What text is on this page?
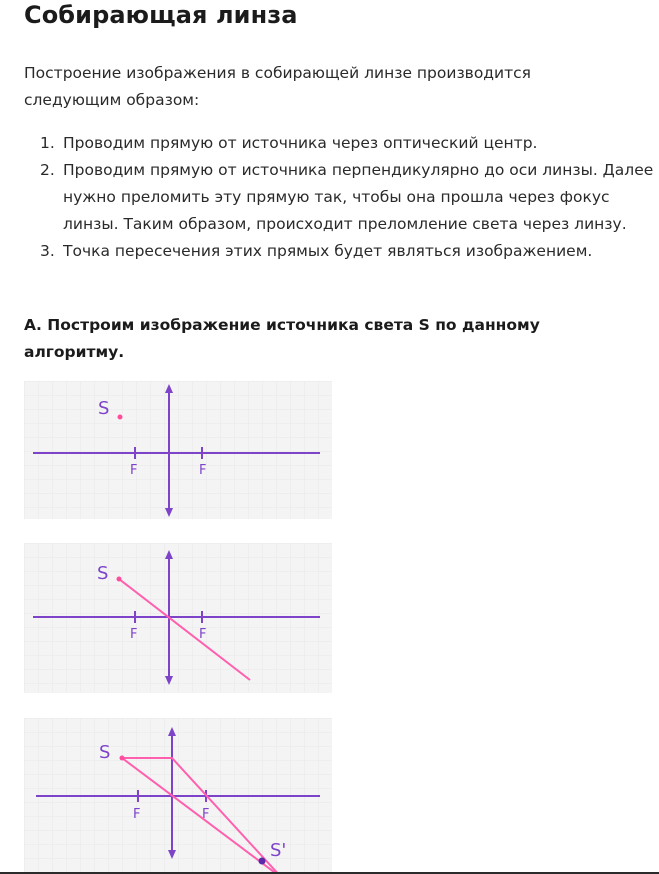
Собирающая линза

Построение изображения в собирающей линзе производится следующим образом:

1. Проводим прямую от источника через оптический центр.
2. Проводим прямую от источника перпендикулярно до оси линзы. Далее нужно преломить эту прямую так, чтобы она прошла через фокус линзы. Таким образом, происходит преломление света через линзу.
3. Точка пересечения этих прямых будет являться изображением.
А. Построим изображение источника света S по данному алгоритму.
F	F
S
F	F
S
F	F
S
S'
